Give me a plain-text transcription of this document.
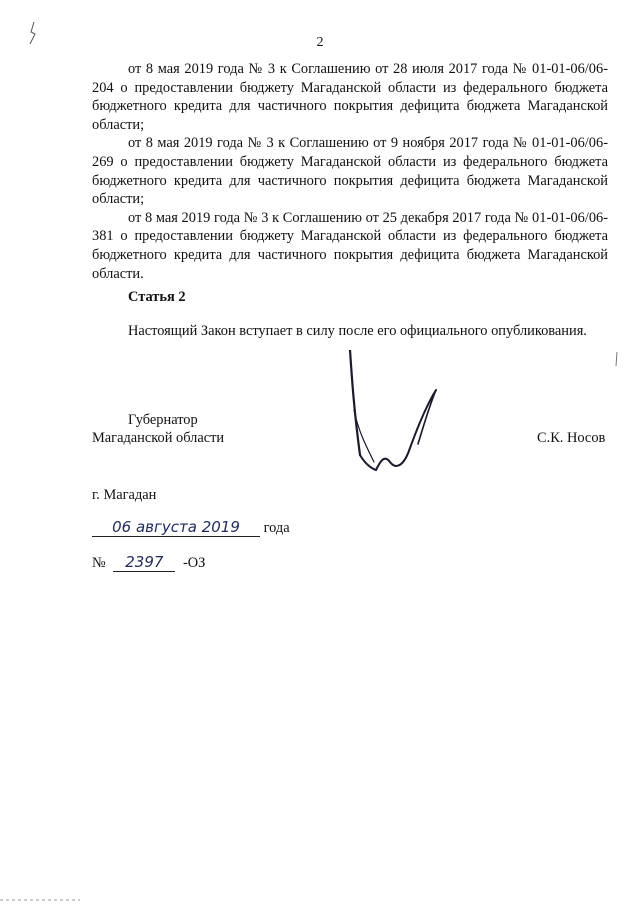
2

от 8 мая 2019 года № 3 к Соглашению от 28 июля 2017 года № 01-01-06/06-204 о предоставлении бюджету Магаданской области из федерального бюджета бюджетного кредита для частичного покрытия дефицита бюджета Магаданской области;

от 8 мая 2019 года № 3 к Соглашению от 9 ноября 2017 года № 01-01-06/06-269 о предоставлении бюджету Магаданской области из федерального бюджета бюджетного кредита для частичного покрытия дефицита бюджета Магаданской области;

от 8 мая 2019 года № 3 к Соглашению от 25 декабря 2017 года № 01-01-06/06-381 о предоставлении бюджету Магаданской области из федерального бюджета бюджетного кредита для частичного покрытия дефицита бюджета Магаданской области.

Статья 2

Настоящий Закон вступает в силу после его официального опубликования.

Губернатор
Магаданской области	С.К. Носов
г. Магадан
06 августа 2019 года
№ 2397 -ОЗ
